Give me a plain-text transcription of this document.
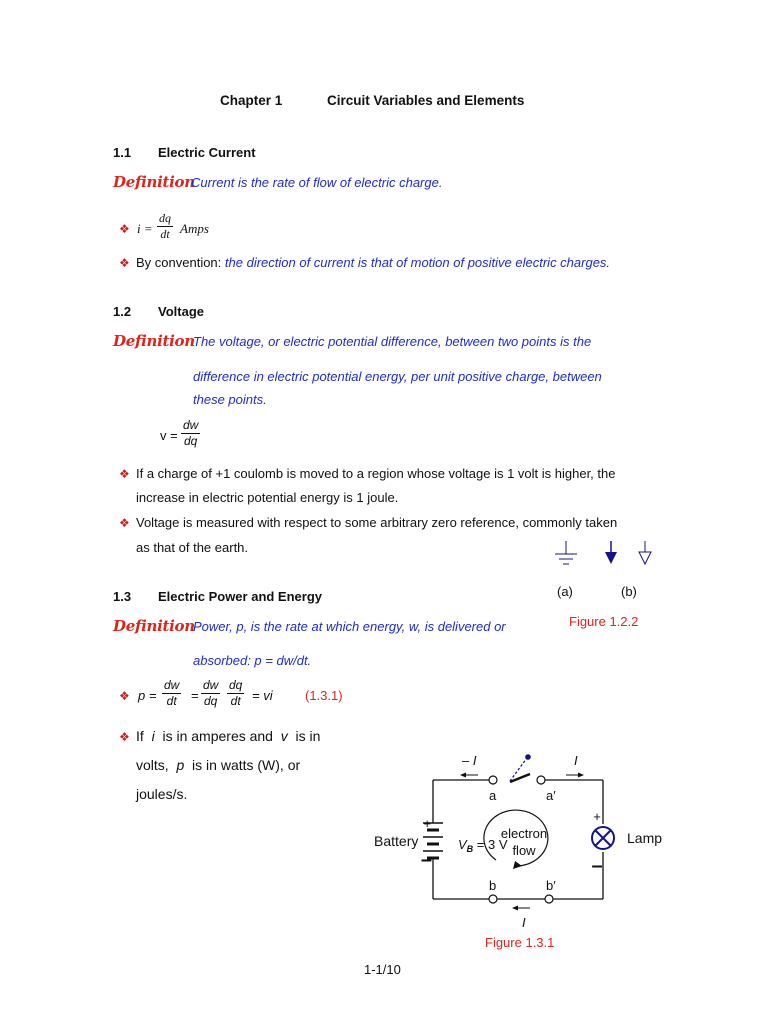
Chapter 1	Circuit Variables and Elements
1.1 Electric Current
Definition
Current is the rate of flow of electric charge.
❖ $i = \frac{dq}{dt}$ Amps
❖ By convention: the direction of current is that of motion of positive electric charges.
1.2 Voltage
Definition
The voltage, or electric potential difference, between two points is the
difference in electric potential energy, per unit positive charge, between
these points.
$v = \frac{dw}{dq}$
❖ If a charge of +1 coulomb is moved to a region whose voltage is 1 volt is higher, the
increase in electric potential energy is 1 joule.
❖ Voltage is measured with respect to some arbitrary zero reference, commonly taken
as that of the earth.
(a)	(b)
Figure 1.2.2
1.3 Electric Power and Energy
Definition
Power, p, is the rate at which energy, w, is delivered or
absorbed: p = dw/dt.
❖ $p = \frac{dw}{dt} = \frac{dw}{dq} \frac{dq}{dt}$ = vi (1.3.1)
❖ If i is in amperes and v is in
volts, p is in watts (W), or
joules/s.
– I	I
I
a	a′
b	b′
+
–
+
–
Battery	Lamp
$V_B = 3$ V
electron
flow
Figure 1.3.1
1-1/10
